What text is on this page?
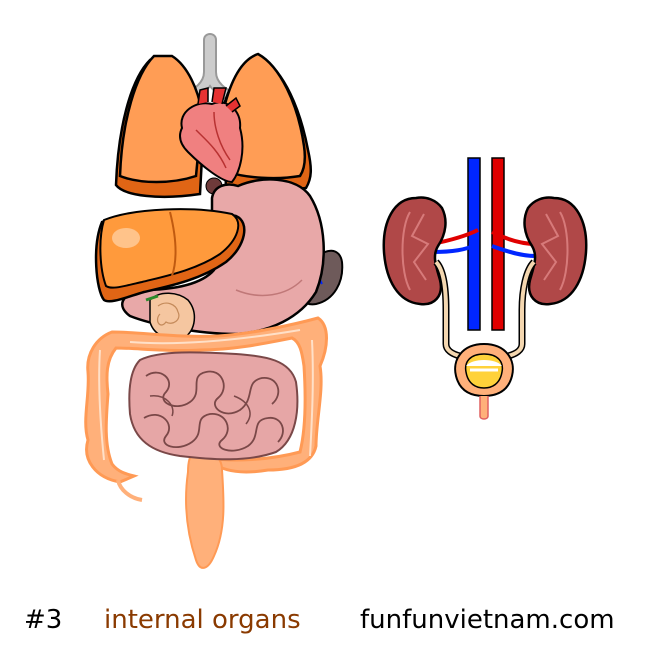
#3 internal organs funfunvietnam.com
